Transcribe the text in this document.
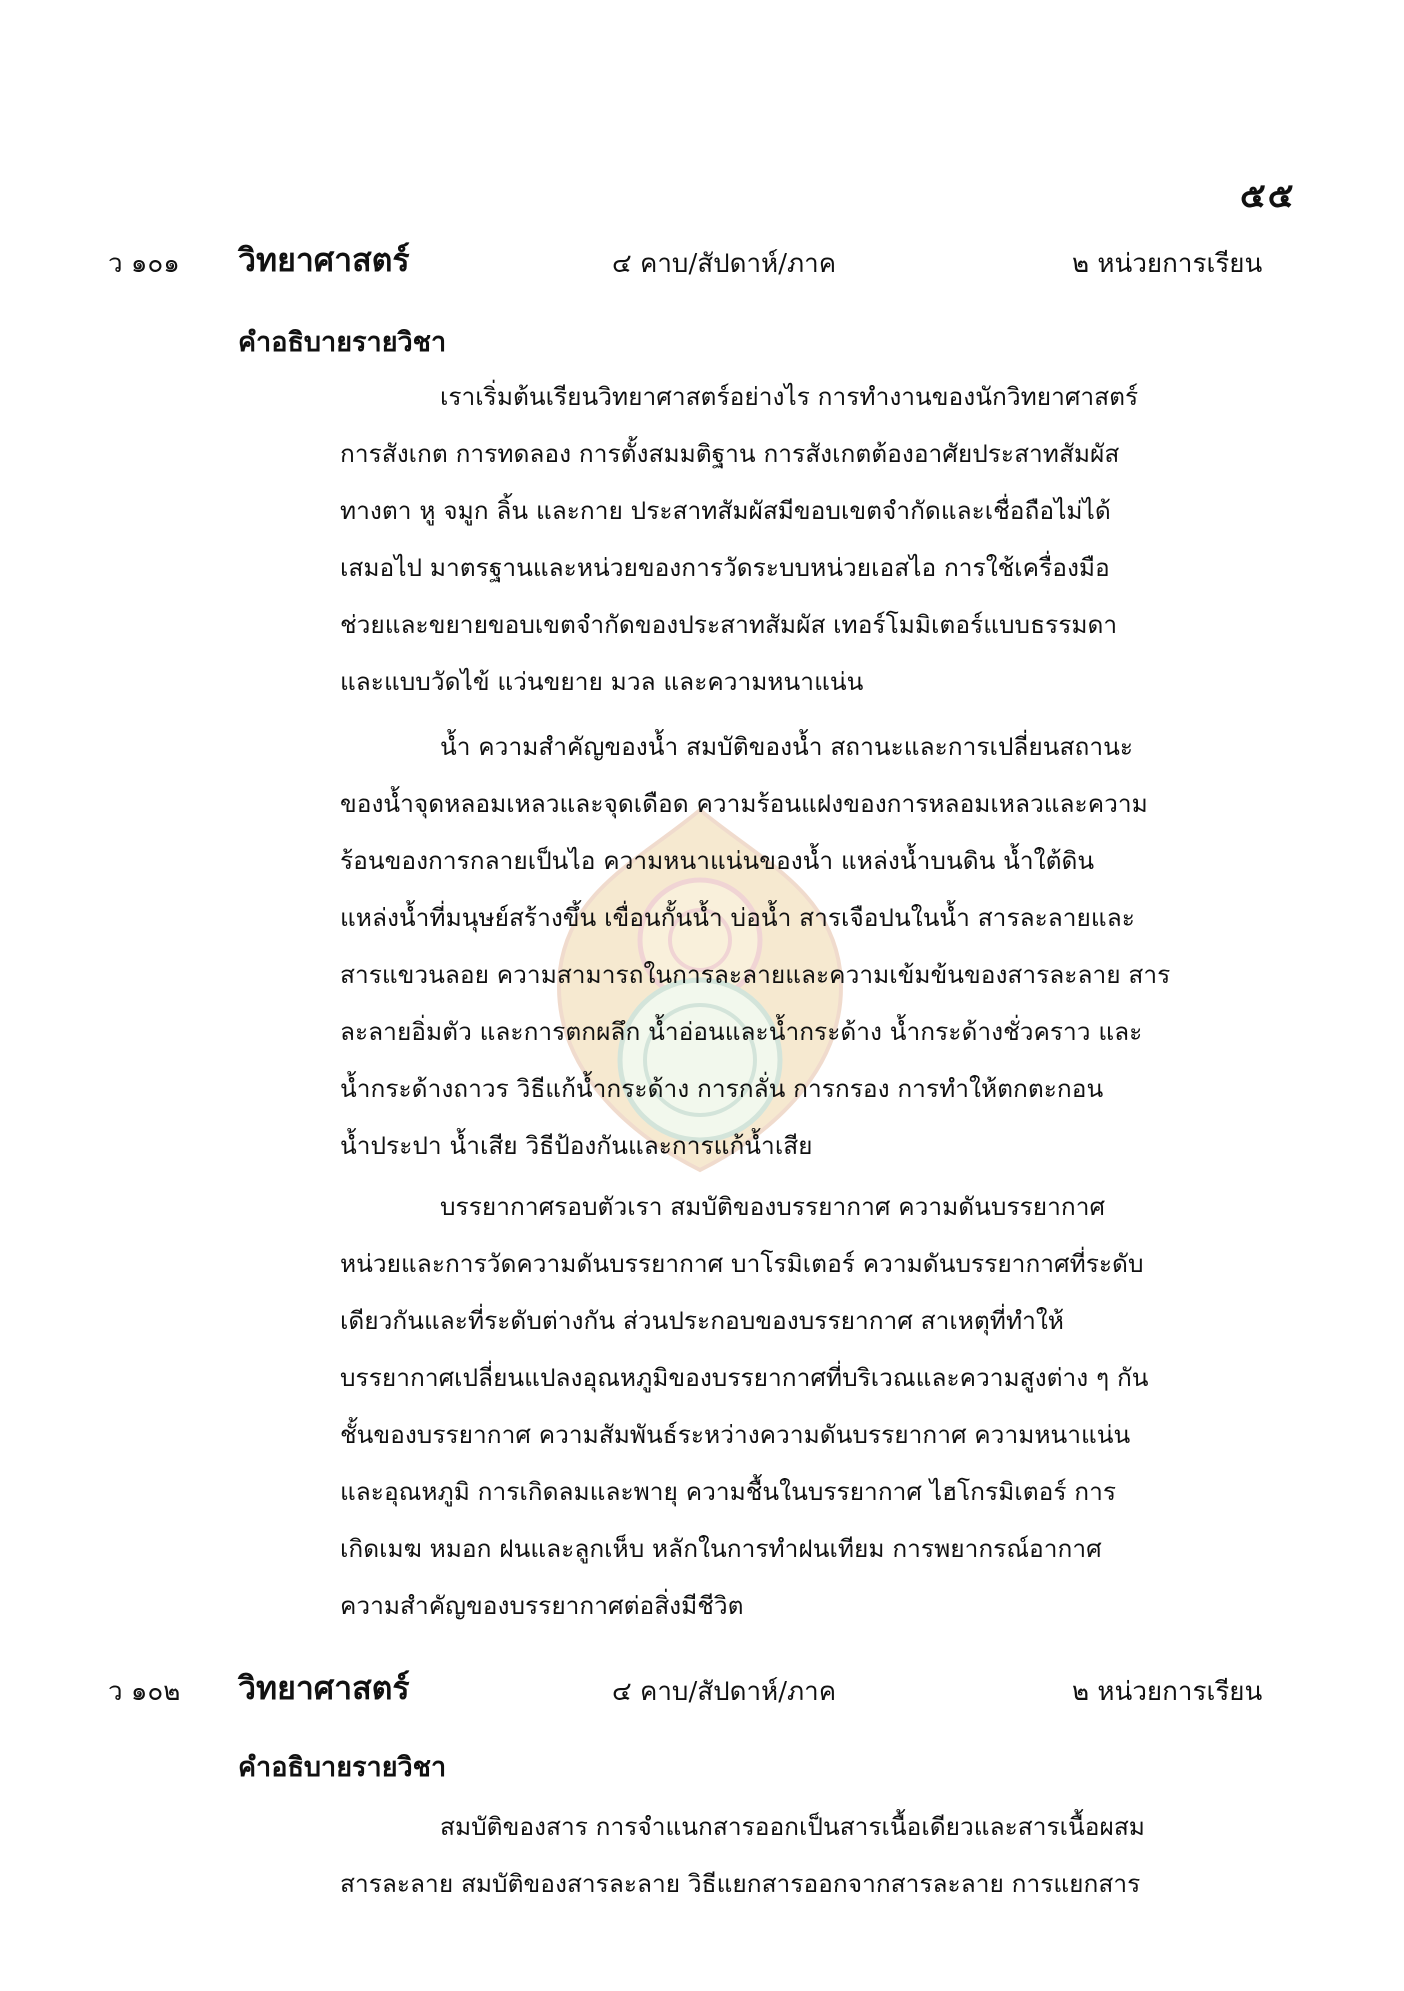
๕๕
ว ๑๐๑ วิทยาศาสตร์	๔ คาบ/สัปดาห์/ภาค	๒ หน่วยการเรียน
คำอธิบายรายวิชา
เราเริ่มต้นเรียนวิทยาศาสตร์อย่างไร การทำงานของนักวิทยาศาสตร์
การสังเกต การทดลอง การตั้งสมมติฐาน การสังเกตต้องอาศัยประสาทสัมผัส
ทางตา หู จมูก ลิ้น และกาย ประสาทสัมผัสมีขอบเขตจำกัดและเชื่อถือไม่ได้
เสมอไป มาตรฐานและหน่วยของการวัดระบบหน่วยเอสไอ การใช้เครื่องมือ
ช่วยและขยายขอบเขตจำกัดของประสาทสัมผัส เทอร์โมมิเตอร์แบบธรรมดา
และแบบวัดไข้ แว่นขยาย มวล และความหนาแน่น
น้ำ ความสำคัญของน้ำ สมบัติของน้ำ สถานะและการเปลี่ยนสถานะ
ของน้ำจุดหลอมเหลวและจุดเดือด ความร้อนแฝงของการหลอมเหลวและความ
ร้อนของการกลายเป็นไอ ความหนาแน่นของน้ำ แหล่งน้ำบนดิน น้ำใต้ดิน
แหล่งน้ำที่มนุษย์สร้างขึ้น เขื่อนกั้นน้ำ บ่อน้ำ สารเจือปนในน้ำ สารละลายและ
สารแขวนลอย ความสามารถในการละลายและความเข้มข้นของสารละลาย สาร
ละลายอิ่มตัว และการตกผลึก น้ำอ่อนและน้ำกระด้าง น้ำกระด้างชั่วคราว และ
น้ำกระด้างถาวร วิธีแก้น้ำกระด้าง การกลั่น การกรอง การทำให้ตกตะกอน
น้ำประปา น้ำเสีย วิธีป้องกันและการแก้น้ำเสีย
บรรยากาศรอบตัวเรา สมบัติของบรรยากาศ ความดันบรรยากาศ
หน่วยและการวัดความดันบรรยากาศ บาโรมิเตอร์ ความดันบรรยากาศที่ระดับ
เดียวกันและที่ระดับต่างกัน ส่วนประกอบของบรรยากาศ สาเหตุที่ทำให้
บรรยากาศเปลี่ยนแปลงอุณหภูมิของบรรยากาศที่บริเวณและความสูงต่าง ๆ กัน
ชั้นของบรรยากาศ ความสัมพันธ์ระหว่างความดันบรรยากาศ ความหนาแน่น
และอุณหภูมิ การเกิดลมและพายุ ความชื้นในบรรยากาศ ไฮโกรมิเตอร์ การ
เกิดเมฆ หมอก ฝนและลูกเห็บ หลักในการทำฝนเทียม การพยากรณ์อากาศ
ความสำคัญของบรรยากาศต่อสิ่งมีชีวิต
ว ๑๐๒ วิทยาศาสตร์	๔ คาบ/สัปดาห์/ภาค	๒ หน่วยการเรียน
คำอธิบายรายวิชา
สมบัติของสาร การจำแนกสารออกเป็นสารเนื้อเดียวและสารเนื้อผสม
สารละลาย สมบัติของสารละลาย วิธีแยกสารออกจากสารละลาย การแยกสาร
